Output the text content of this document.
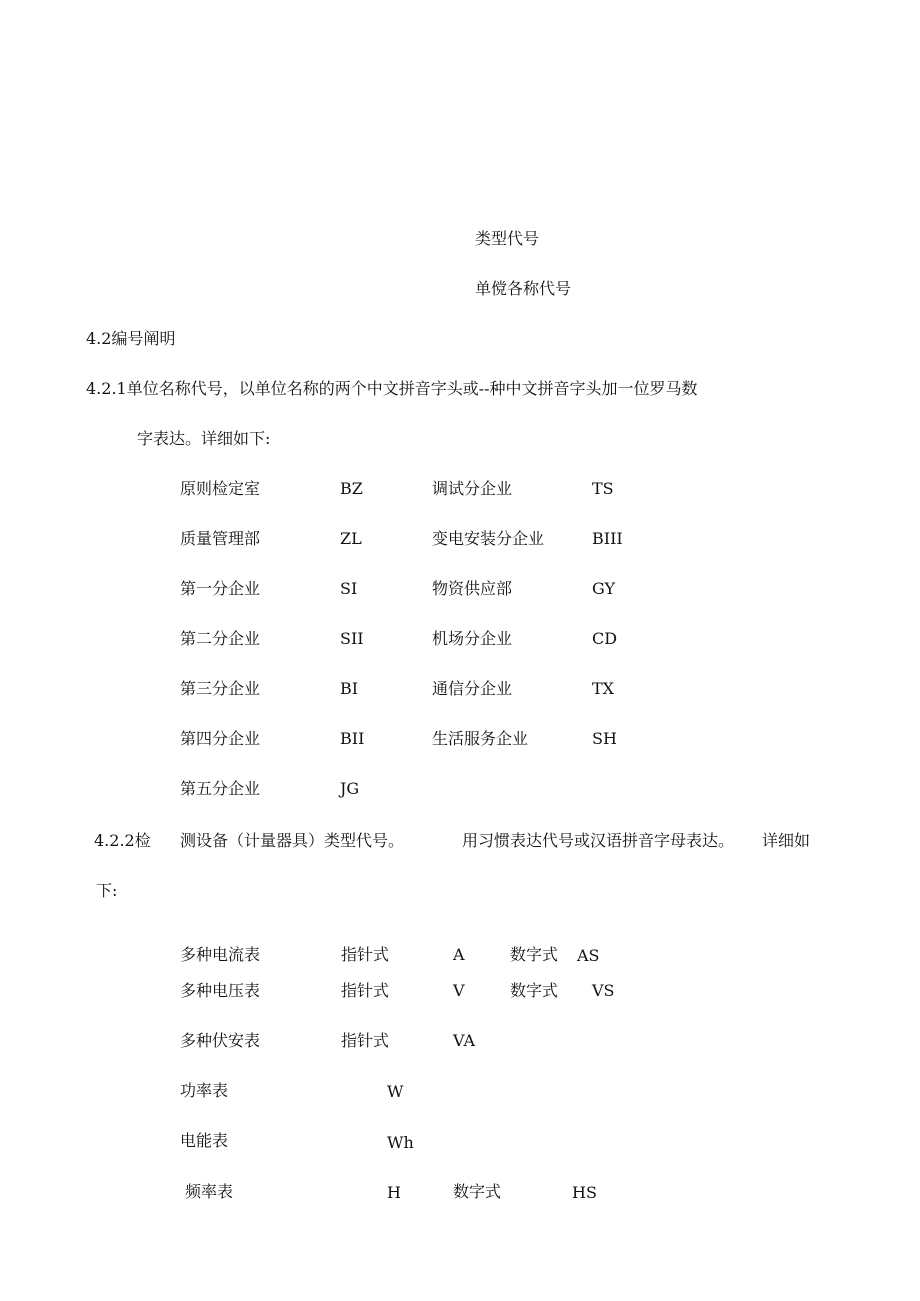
类型代号
单傥各称代号
4.2编号阐明
4.2.1单位名称代号，以单位名称的两个中文拼音字头或--种中文拼音字头加一位罗马数
字表达。详细如下:
原则检定室	BZ	调试分企业	TS
质量管理部	ZL	变电安装分企业	BIII
第一分企业	SI	物资供应部	GY
第二分企业	SII	机场分企业	CD
第三分企业	BI	通信分企业	TX
第四分企业	BII	生活服务企业	SH
第五分企业	JG
4.2.2检 测设备（计量器具）类型代号。	用习惯表达代号或汉语拼音字母表达。 详细如
下:
多种电流表	指针式	A	数字式 AS
多种电压表	指针式	V	数字式 VS
多种伏安表	指针式	VA
功率表	W
电能表	Wh
频率表	H	数字式	HS
